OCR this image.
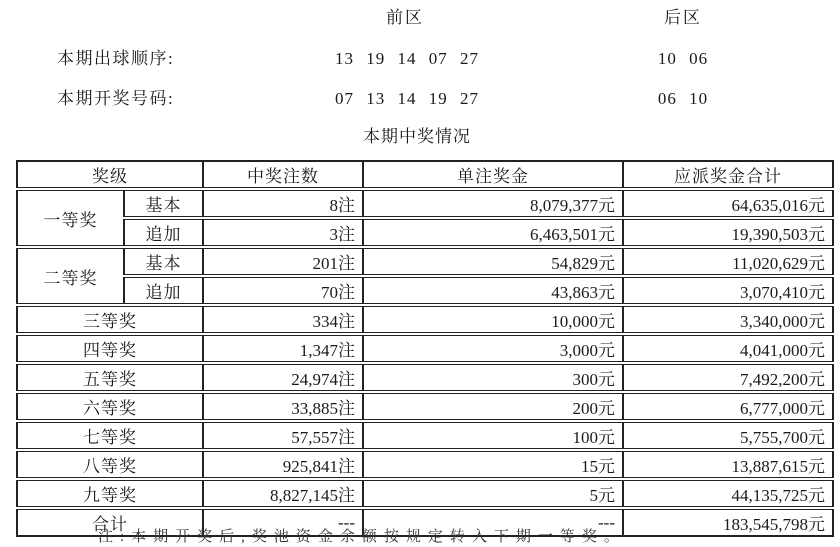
前区	后区
本期出球顺序:	13 19 14 07 27	10 06
本期开奖号码:	07 13 14 19 27	06 10
本期中奖情况
奖级		中奖注数	单注奖金	应派奖金合计
一等奖	基本	8注	8,079,377元	64,635,016元
	追加	3注	6,463,501元	19,390,503元
二等奖	基本	201注	54,829元	11,020,629元
	追加	70注	43,863元	3,070,410元
三等奖		334注	10,000元	3,340,000元
四等奖		1,347注	3,000元	4,041,000元
五等奖		24,974注	300元	7,492,200元
六等奖		33,885注	200元	6,777,000元
七等奖		57,557注	100元	5,755,700元
八等奖		925,841注	15元	13,887,615元
九等奖		8,827,145注	5元	44,135,725元
合计		---	---	183,545,798元
注:本期开奖后,奖池资金余额按规定转入下期一等奖。
